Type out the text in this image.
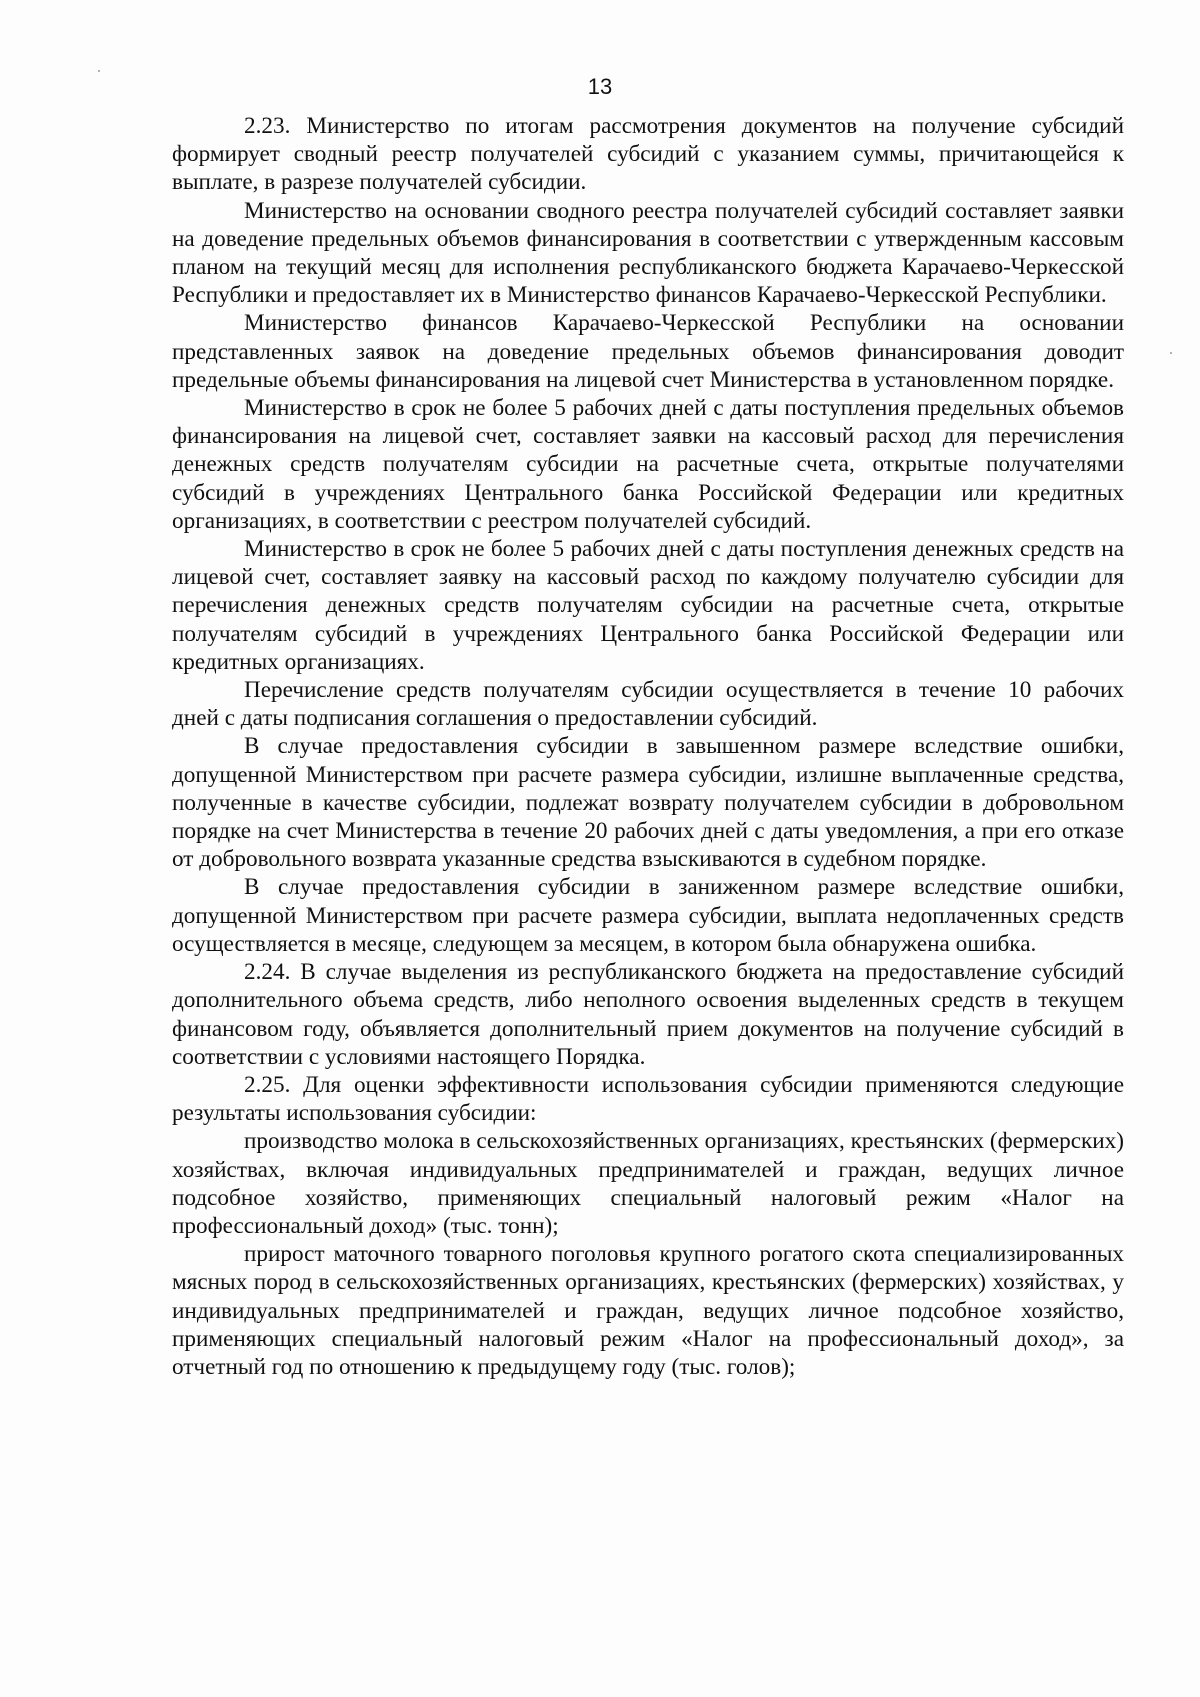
13

2.23. Министерство по итогам рассмотрения документов на получение субсидий формирует сводный реестр получателей субсидий с указанием суммы, причитающейся к выплате, в разрезе получателей субсидии.

Министерство на основании сводного реестра получателей субсидий составляет заявки на доведение предельных объемов финансирования в соответствии с утвержденным кассовым планом на текущий месяц для исполнения республиканского бюджета Карачаево-Черкесской Республики и предоставляет их в Министерство финансов Карачаево-Черкесской Республики.

Министерство финансов Карачаево-Черкесской Республики на основании представленных заявок на доведение предельных объемов финансирования доводит предельные объемы финансирования на лицевой счет Министерства в установленном порядке.

Министерство в срок не более 5 рабочих дней с даты поступления предельных объемов финансирования на лицевой счет, составляет заявки на кассовый расход для перечисления денежных средств получателям субсидии на расчетные счета, открытые получателями субсидий в учреждениях Центрального банка Российской Федерации или кредитных организациях, в соответствии с реестром получателей субсидий.

Министерство в срок не более 5 рабочих дней с даты поступления денежных средств на лицевой счет, составляет заявку на кассовый расход по каждому получателю субсидии для перечисления денежных средств получателям субсидии на расчетные счета, открытые получателям субсидий в учреждениях Центрального банка Российской Федерации или кредитных организациях.

Перечисление средств получателям субсидии осуществляется в течение 10 рабочих дней с даты подписания соглашения о предоставлении субсидий.

В случае предоставления субсидии в завышенном размере вследствие ошибки, допущенной Министерством при расчете размера субсидии, излишне выплаченные средства, полученные в качестве субсидии, подлежат возврату получателем субсидии в добровольном порядке на счет Министерства в течение 20 рабочих дней с даты уведомления, а при его отказе от добровольного возврата указанные средства взыскиваются в судебном порядке.

В случае предоставления субсидии в заниженном размере вследствие ошибки, допущенной Министерством при расчете размера субсидии, выплата недоплаченных средств осуществляется в месяце, следующем за месяцем, в котором была обнаружена ошибка.

2.24. В случае выделения из республиканского бюджета на предоставление субсидий дополнительного объема средств, либо неполного освоения выделенных средств в текущем финансовом году, объявляется дополнительный прием документов на получение субсидий в соответствии с условиями настоящего Порядка.

2.25. Для оценки эффективности использования субсидии применяются следующие результаты использования субсидии:

производство молока в сельскохозяйственных организациях, крестьянских (фермерских) хозяйствах, включая индивидуальных предпринимателей и граждан, ведущих личное подсобное хозяйство, применяющих специальный налоговый режим «Налог на профессиональный доход» (тыс. тонн);

прирост маточного товарного поголовья крупного рогатого скота специализированных мясных пород в сельскохозяйственных организациях, крестьянских (фермерских) хозяйствах, у индивидуальных предпринимателей и граждан, ведущих личное подсобное хозяйство, применяющих специальный налоговый режим «Налог на профессиональный доход», за отчетный год по отношению к предыдущему году (тыс. голов);
